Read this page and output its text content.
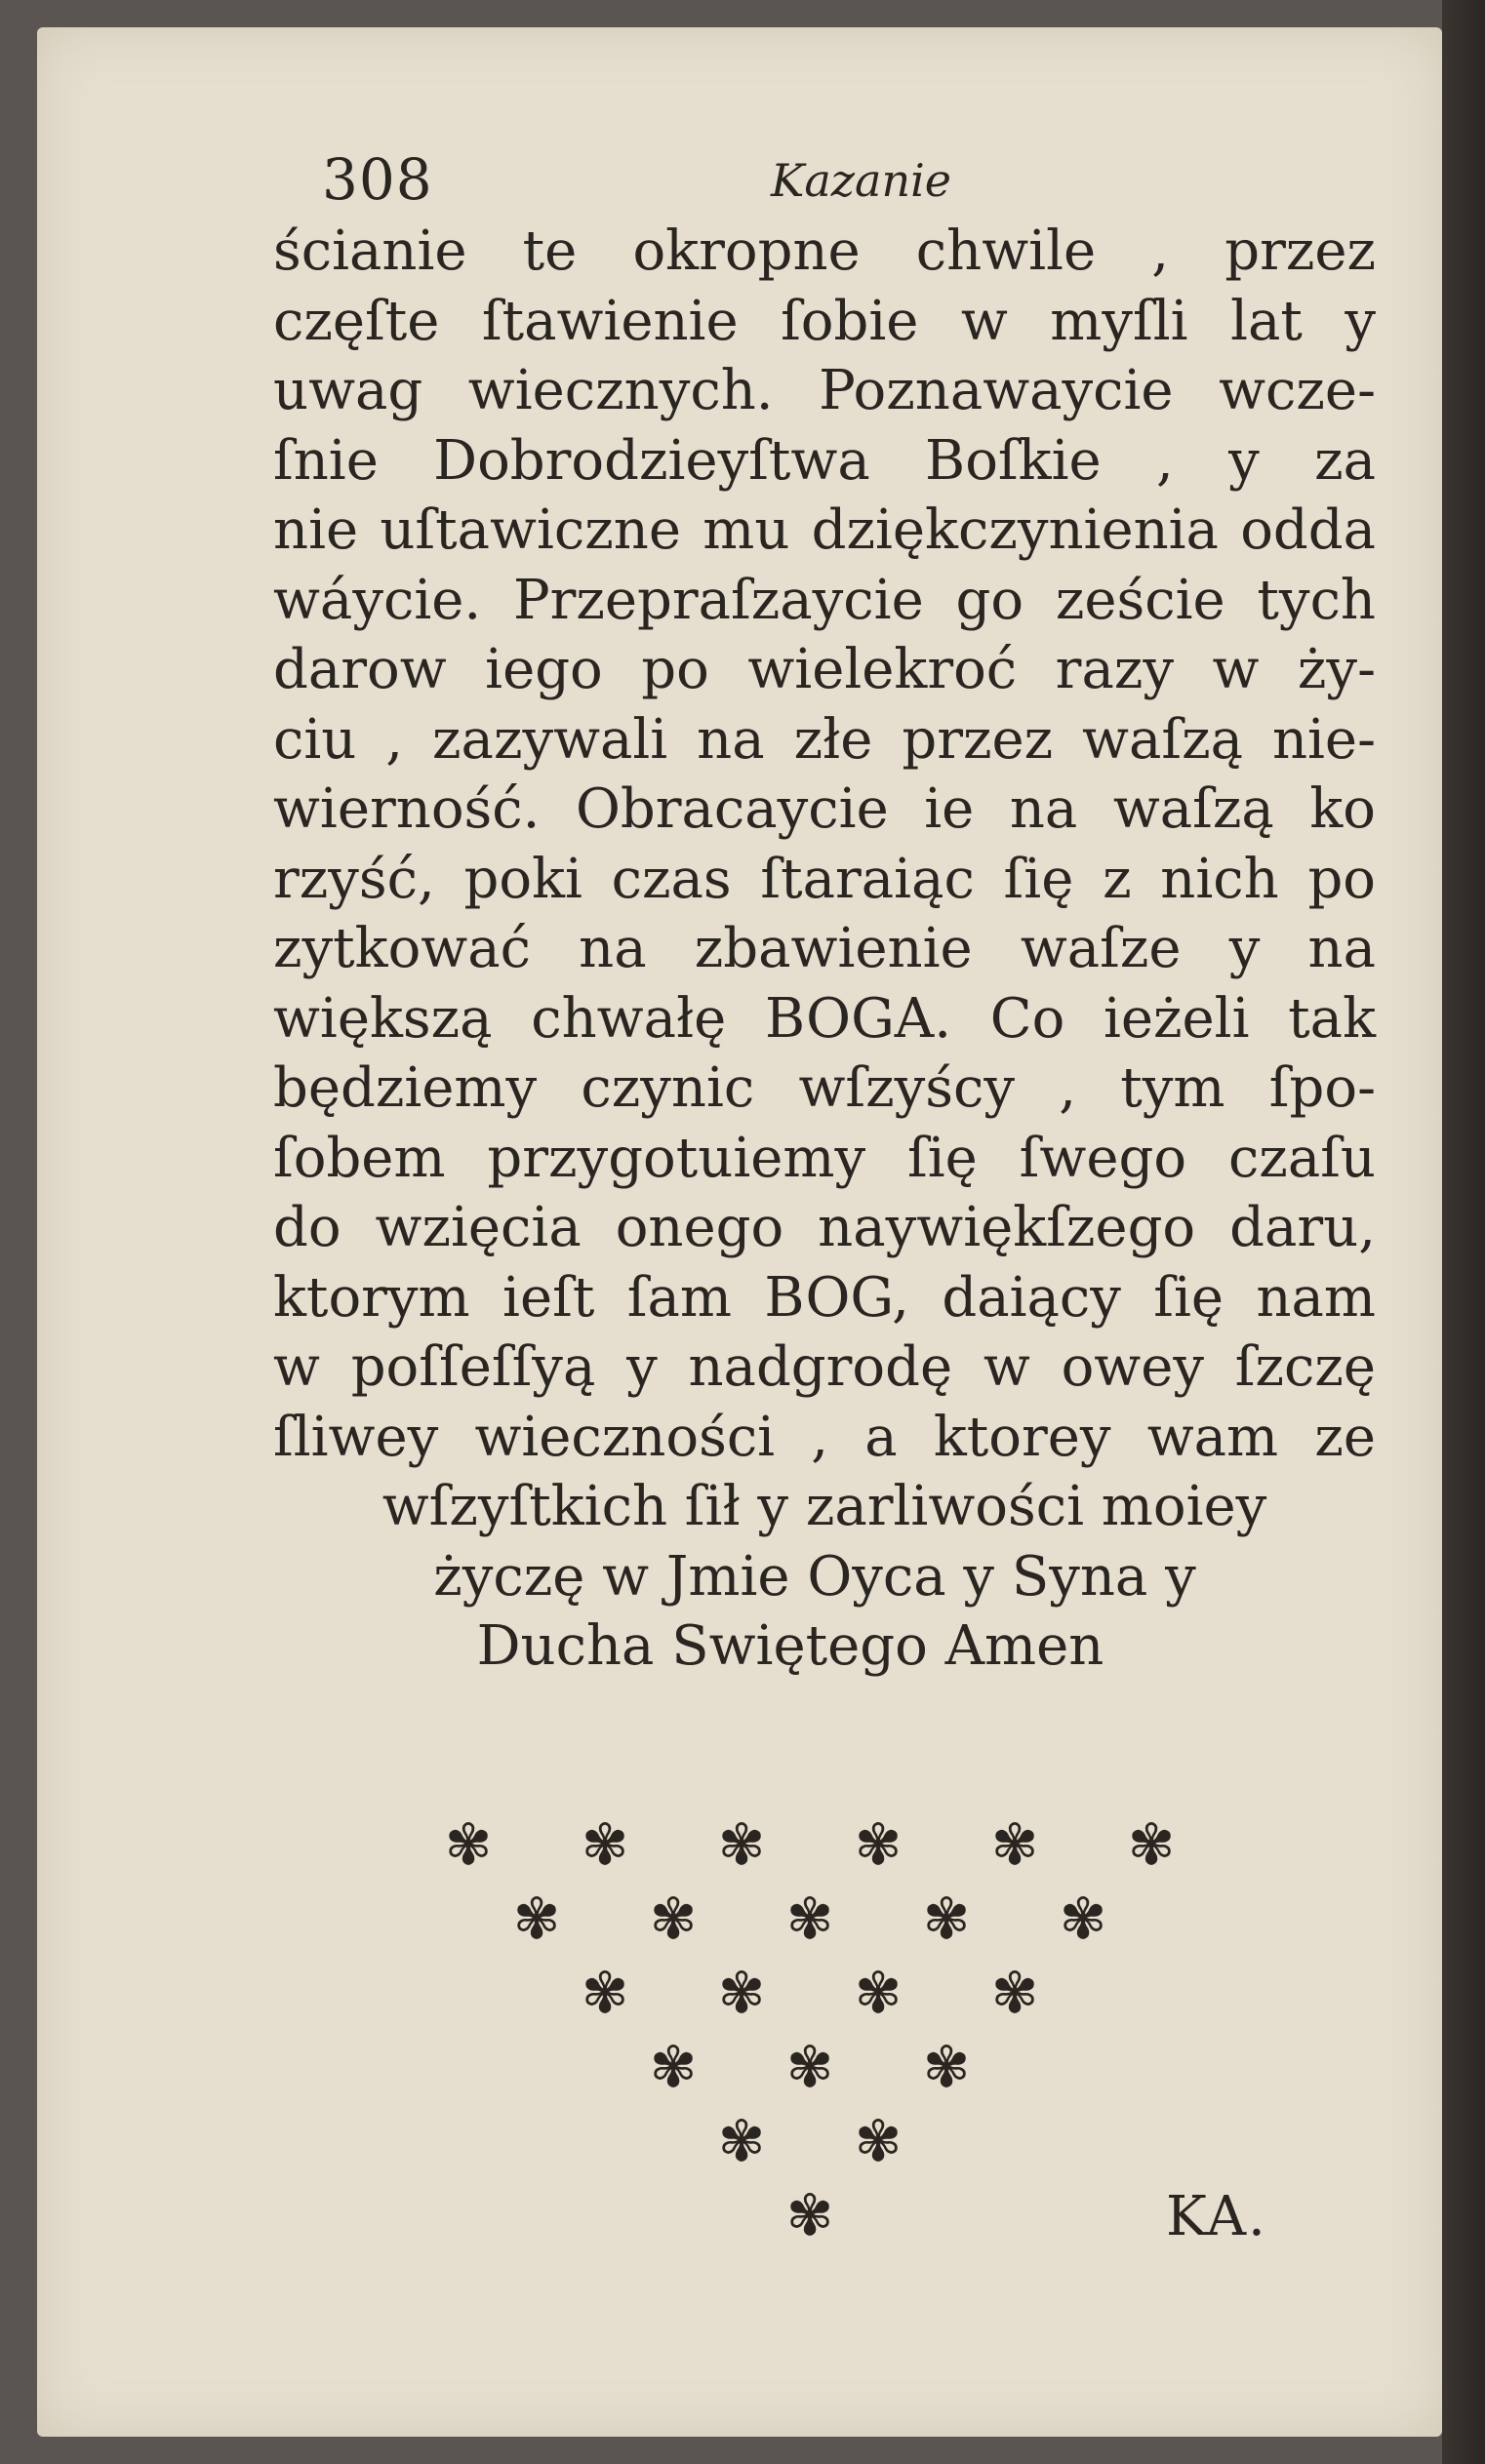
308	Kazanie
ścianie te okropne chwile , przez
częſte ſtawienie ſobie w myſli lat y
uwag wiecznych. Poznawaycie wcze-
ſnie Dobrodzieyſtwa Boſkie , y za
nie uſtawiczne mu dziękczynienia odda
wáycie. Przepraſzaycie go zeście tych
darow iego po wielekroć razy w ży-
ciu , zazywali na złe przez waſzą nie-
wierność. Obracaycie ie na waſzą ko
rzyść, poki czas ſtaraiąc ſię z nich po
zytkować na zbawienie waſze y na
większą chwałę BOGA. Co ieżeli tak
będziemy czynic wſzyścy , tym ſpo-
ſobem przygotuiemy ſię ſwego czaſu
do wzięcia onego naywiękſzego daru,
ktorym ieſt ſam BOG, daiący ſię nam
w poſſeſſyą y nadgrodę w owey ſzczę
ſliwey wieczności , a ktorey wam ze
wſzyſtkich ſił y zarliwości moiey
życzę w Jmie Oyca y Syna y
Ducha Swiętego Amen
✾ ✾ ✾ ✾ ✾ ✾
✾ ✾ ✾ ✾ ✾
✾ ✾ ✾ ✾
✾ ✾ ✾
✾ ✾
✾	KA.
